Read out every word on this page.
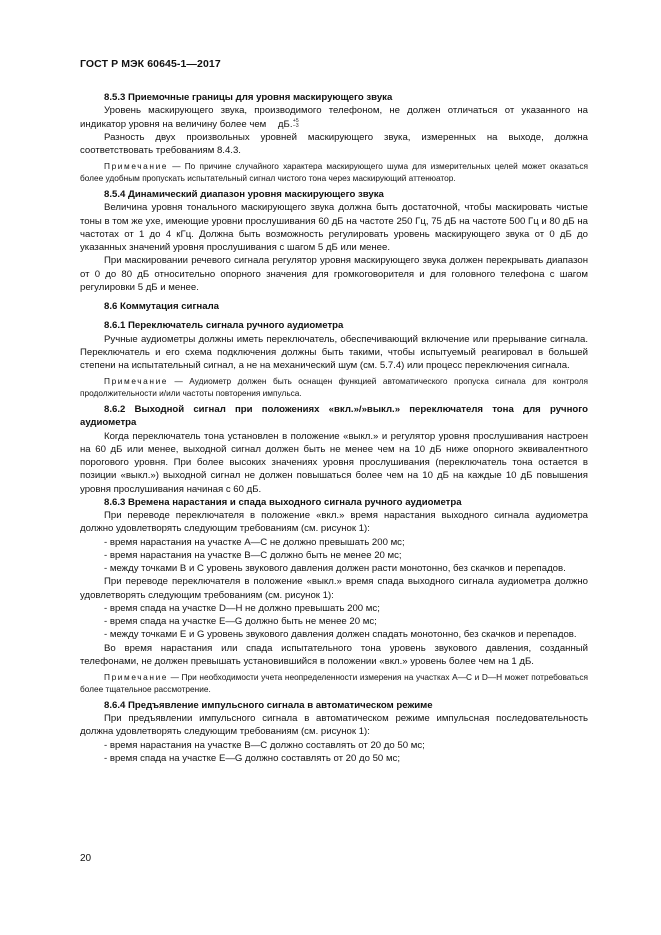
ГОСТ Р МЭК 60645-1—2017

8.5.3 Приемочные границы для уровня маскирующего звука

Уровень маскирующего звука, производимого телефоном, не должен отличаться от указанного на индикатор уровня на величину более чем	+5
−3
дБ.

Разность двух произвольных уровней маскирующего звука, измеренных на выходе, должна соответствовать требованиям 8.4.3.

Примечание — По причине случайного характера маскирующего шума для измерительных целей может оказаться более удобным пропускать испытательный сигнал чистого тона через маскирующий аттенюатор.

8.5.4 Динамический диапазон уровня маскирующего звука

Величина уровня тонального маскирующего звука должна быть достаточной, чтобы маскировать чистые тоны в том же ухе, имеющие уровни прослушивания 60 дБ на частоте 250 Гц, 75 дБ на частоте 500 Гц и 80 дБ на частотах от 1 до 4 кГц. Должна быть возможность регулировать уровень маскирующего звука от 0 дБ до указанных значений уровня прослушивания с шагом 5 дБ или менее.

При маскировании речевого сигнала регулятор уровня маскирующего звука должен перекрывать диапазон от 0 до 80 дБ относительно опорного значения для громкоговорителя и для головного телефона с шагом регулировки 5 дБ и менее.

8.6 Коммутация сигнала

8.6.1 Переключатель сигнала ручного аудиометра

Ручные аудиометры должны иметь переключатель, обеспечивающий включение или прерывание сигнала. Переключатель и его схема подключения должны быть такими, чтобы испытуемый реагировал в большей степени на испытательный сигнал, а не на механический шум (см. 5.7.4) или процесс переключения сигнала.

Примечание — Аудиометр должен быть оснащен функцией автоматического пропуска сигнала для контроля продолжительности и/или частоты повторения импульса.

8.6.2 Выходной сигнал при положениях «вкл.»/»выкл.» переключателя тона для ручного аудиометра

Когда переключатель тона установлен в положение «выкл.» и регулятор уровня прослушивания настроен на 60 дБ или менее, выходной сигнал должен быть не менее чем на 10 дБ ниже опорного эквивалентного порогового уровня. При более высоких значениях уровня прослушивания (переключатель тона остается в позиции «выкл.») выходной сигнал не должен повышаться более чем на 10 дБ на каждые 10 дБ повышения уровня прослушивания начиная с 60 дБ.

8.6.3 Времена нарастания и спада выходного сигнала ручного аудиометра

При переводе переключателя в положение «вкл.» время нарастания выходного сигнала аудиометра должно удовлетворять следующим требованиям (см. рисунок 1):

- время нарастания на участке А—С не должно превышать 200 мс;

- время нарастания на участке В—С должно быть не менее 20 мс;

- между точками В и С уровень звукового давления должен расти монотонно, без скачков и перепадов.

При переводе переключателя в положение «выкл.» время спада выходного сигнала аудиометра должно удовлетворять следующим требованиям (см. рисунок 1):

- время спада на участке D—Н не должно превышать 200 мс;

- время спада на участке Е—G должно быть не менее 20 мс;

- между точками Е и G уровень звукового давления должен спадать монотонно, без скачков и перепадов.

Во время нарастания или спада испытательного тона уровень звукового давления, созданный телефонами, не должен превышать установившийся в положении «вкл.» уровень более чем на 1 дБ.

Примечание — При необходимости учета неопределенности измерения на участках А—С и D—Н может потребоваться более тщательное рассмотрение.

8.6.4 Предъявление импульсного сигнала в автоматическом режиме

При предъявлении импульсного сигнала в автоматическом режиме импульсная последовательность должна удовлетворять следующим требованиям (см. рисунок 1):

- время нарастания на участке В—С должно составлять от 20 до 50 мс;

- время спада на участке Е—G должно составлять от 20 до 50 мс;

20
